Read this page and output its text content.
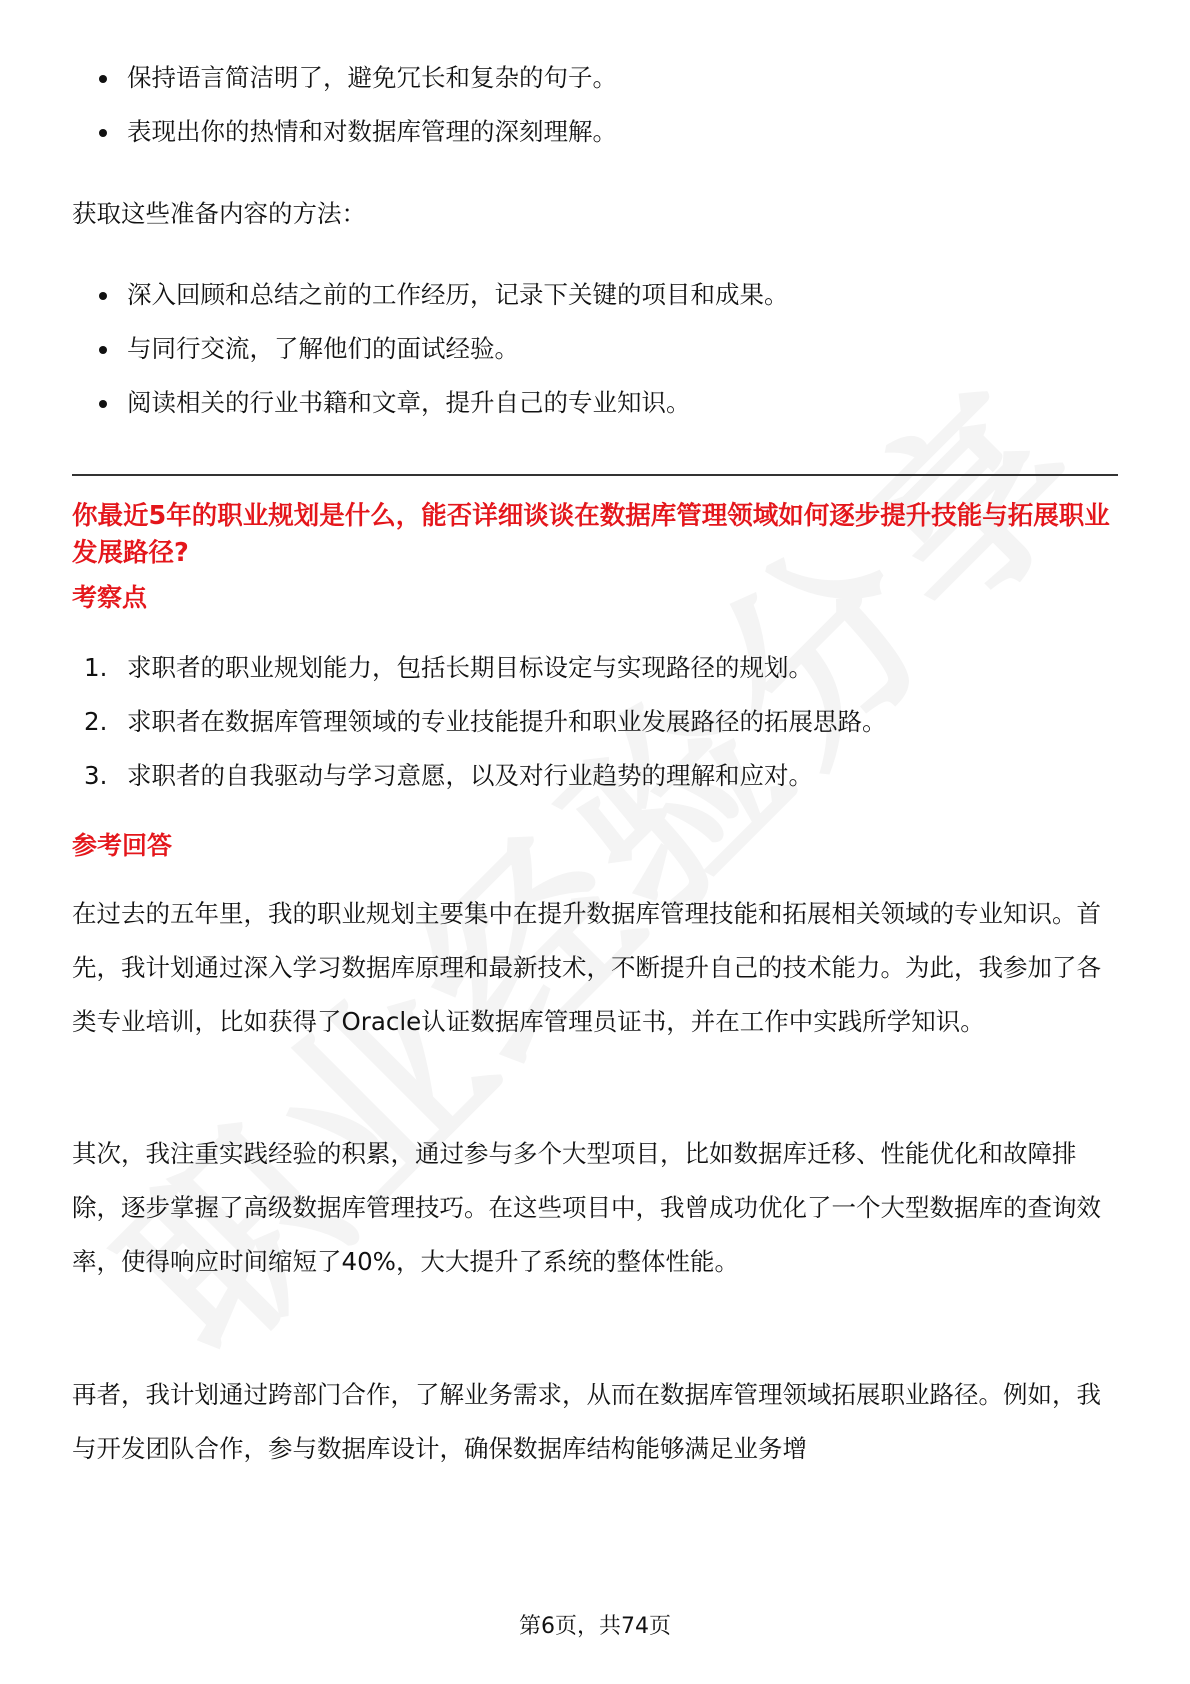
保持语言简洁明了，避免冗长和复杂的句子。
表现出你的热情和对数据库管理的深刻理解。

获取这些准备内容的方法：

深入回顾和总结之前的工作经历，记录下关键的项目和成果。
与同行交流，了解他们的面试经验。
阅读相关的行业书籍和文章，提升自己的专业知识。

你最近5年的职业规划是什么，能否详细谈谈在数据库管理领域如何逐步提升技能与拓展职业发展路径?

考察点

1. 求职者的职业规划能力，包括长期目标设定与实现路径的规划。
2. 求职者在数据库管理领域的专业技能提升和职业发展路径的拓展思路。
3. 求职者的自我驱动与学习意愿，以及对行业趋势的理解和应对。

参考回答

在过去的五年里，我的职业规划主要集中在提升数据库管理技能和拓展相关领域的专业知识。首先，我计划通过深入学习数据库原理和最新技术，不断提升自己的技术能力。为此，我参加了各类专业培训，比如获得了Oracle认证数据库管理员证书，并在工作中实践所学知识。

其次，我注重实践经验的积累，通过参与多个大型项目，比如数据库迁移、性能优化和故障排除，逐步掌握了高级数据库管理技巧。在这些项目中，我曾成功优化了一个大型数据库的查询效率，使得响应时间缩短了40%，大大提升了系统的整体性能。

再者，我计划通过跨部门合作，了解业务需求，从而在数据库管理领域拓展职业路径。例如，我与开发团队合作，参与数据库设计，确保数据库结构能够满足业务增

第6页，共74页
